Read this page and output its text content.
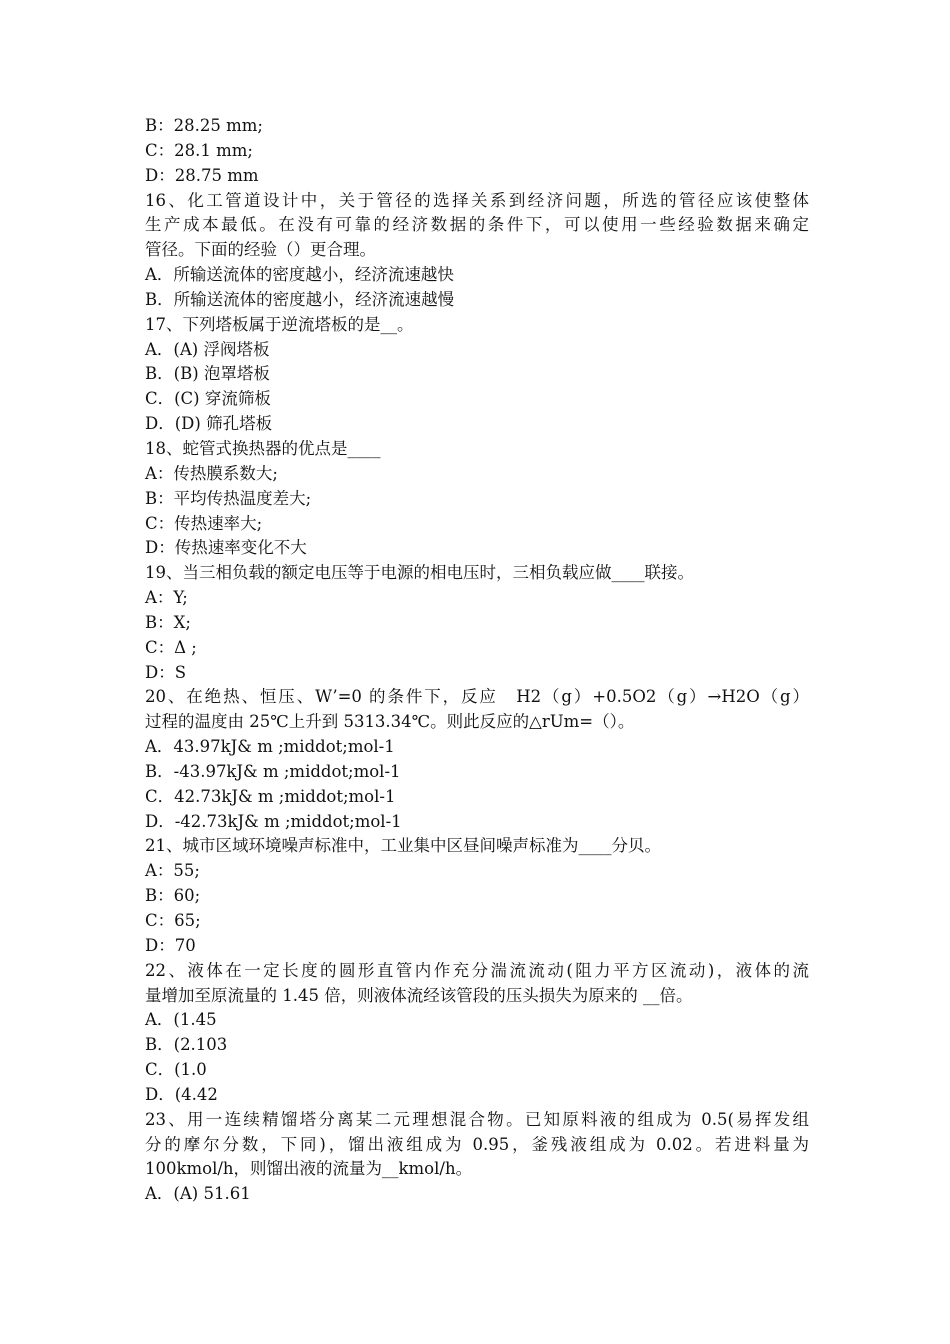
B：28.25 mm;
C：28.1 mm;
D：28.75 mm
16、化工管道设计中，关于管径的选择关系到经济问题，所选的管径应该使整体
生产成本最低。在没有可靠的经济数据的条件下，可以使用一些经验数据来确定
管径。下面的经验（）更合理。
A．所输送流体的密度越小，经济流速越快
B．所输送流体的密度越小，经济流速越慢
17、下列塔板属于逆流塔板的是__。
A．(A) 浮阀塔板
B．(B) 泡罩塔板
C．(C) 穿流筛板
D．(D) 筛孔塔板
18、蛇管式换热器的优点是____
A：传热膜系数大;
B：平均传热温度差大;
C：传热速率大;
D：传热速率变化不大
19、当三相负载的额定电压等于电源的相电压时，三相负载应做____联接。
A：Y;
B：X;
C：Δ ;
D：S
20、在绝热、恒压、W’=0 的条件下，反应　H2（g）+0.5O2（g）→H2O（g）
过程的温度由 25℃上升到 5313.34℃。则此反应的△rUm=（）。
A．43.97kJ& m ;middot;mol-1
B．-43.97kJ& m ;middot;mol-1
C．42.73kJ& m ;middot;mol-1
D．-42.73kJ& m ;middot;mol-1
21、城市区域环境噪声标准中，工业集中区昼间噪声标准为____分贝。
A：55;
B：60;
C：65;
D：70
22、液体在一定长度的圆形直管内作充分湍流流动(阻力平方区流动)，液体的流
量增加至原流量的 1.45 倍，则液体流经该管段的压头损失为原来的 __倍。
A．(1.45
B．(2.103
C．(1.0
D．(4.42
23、用一连续精馏塔分离某二元理想混合物。已知原料液的组成为 0.5(易挥发组
分的摩尔分数，下同)，馏出液组成为 0.95，釜残液组成为 0.02。若进料量为
100kmol/h，则馏出液的流量为__kmol/h。
A．(A) 51.61
